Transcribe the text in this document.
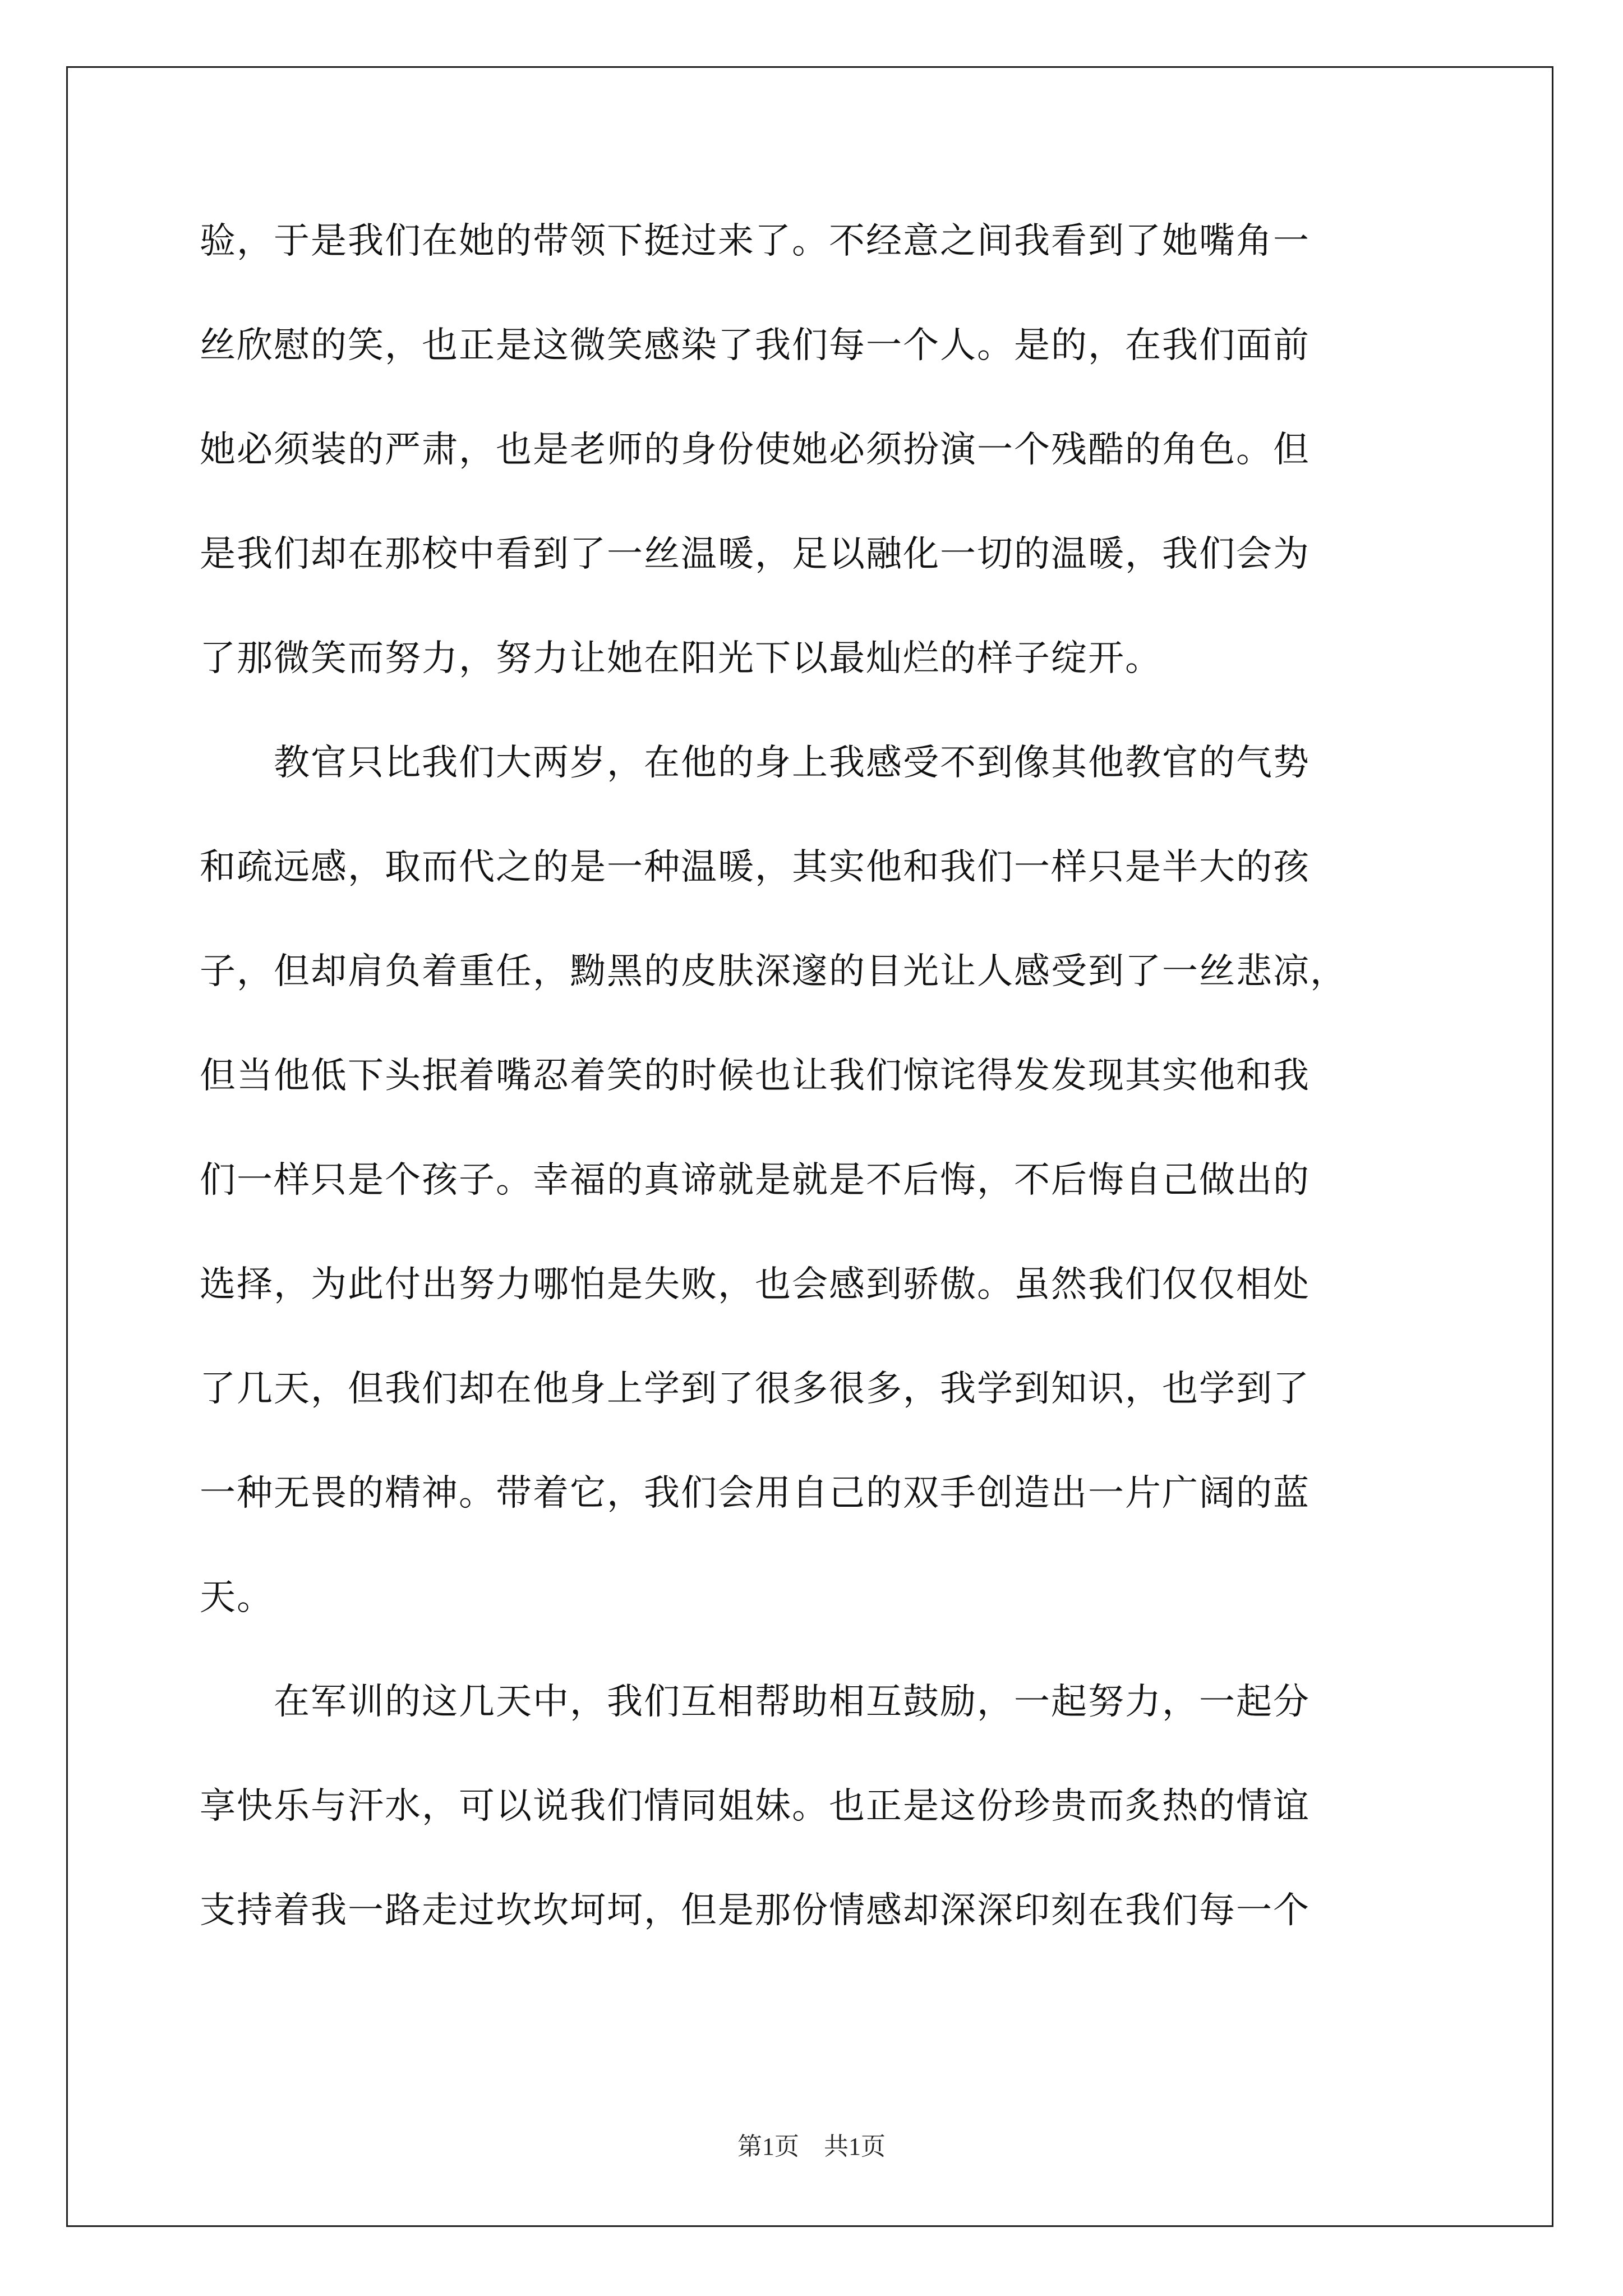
验，于是我们在她的带领下挺过来了。不经意之间我看到了她嘴角一
丝欣慰的笑，也正是这微笑感染了我们每一个人。是的，在我们面前
她必须装的严肃，也是老师的身份使她必须扮演一个残酷的角色。但
是我们却在那校中看到了一丝温暖，足以融化一切的温暖，我们会为
了那微笑而努力，努力让她在阳光下以最灿烂的样子绽开。
　　教官只比我们大两岁，在他的身上我感受不到像其他教官的气势
和疏远感，取而代之的是一种温暖，其实他和我们一样只是半大的孩
子，但却肩负着重任，黝黑的皮肤深邃的目光让人感受到了一丝悲凉，
但当他低下头抿着嘴忍着笑的时候也让我们惊诧得发发现其实他和我
们一样只是个孩子。幸福的真谛就是就是不后悔，不后悔自己做出的
选择，为此付出努力哪怕是失败，也会感到骄傲。虽然我们仅仅相处
了几天，但我们却在他身上学到了很多很多，我学到知识，也学到了
一种无畏的精神。带着它，我们会用自己的双手创造出一片广阔的蓝
天。
　　在军训的这几天中，我们互相帮助相互鼓励，一起努力，一起分
享快乐与汗水，可以说我们情同姐妹。也正是这份珍贵而炙热的情谊
支持着我一路走过坎坎坷坷，但是那份情感却深深印刻在我们每一个
第1页　共1页
